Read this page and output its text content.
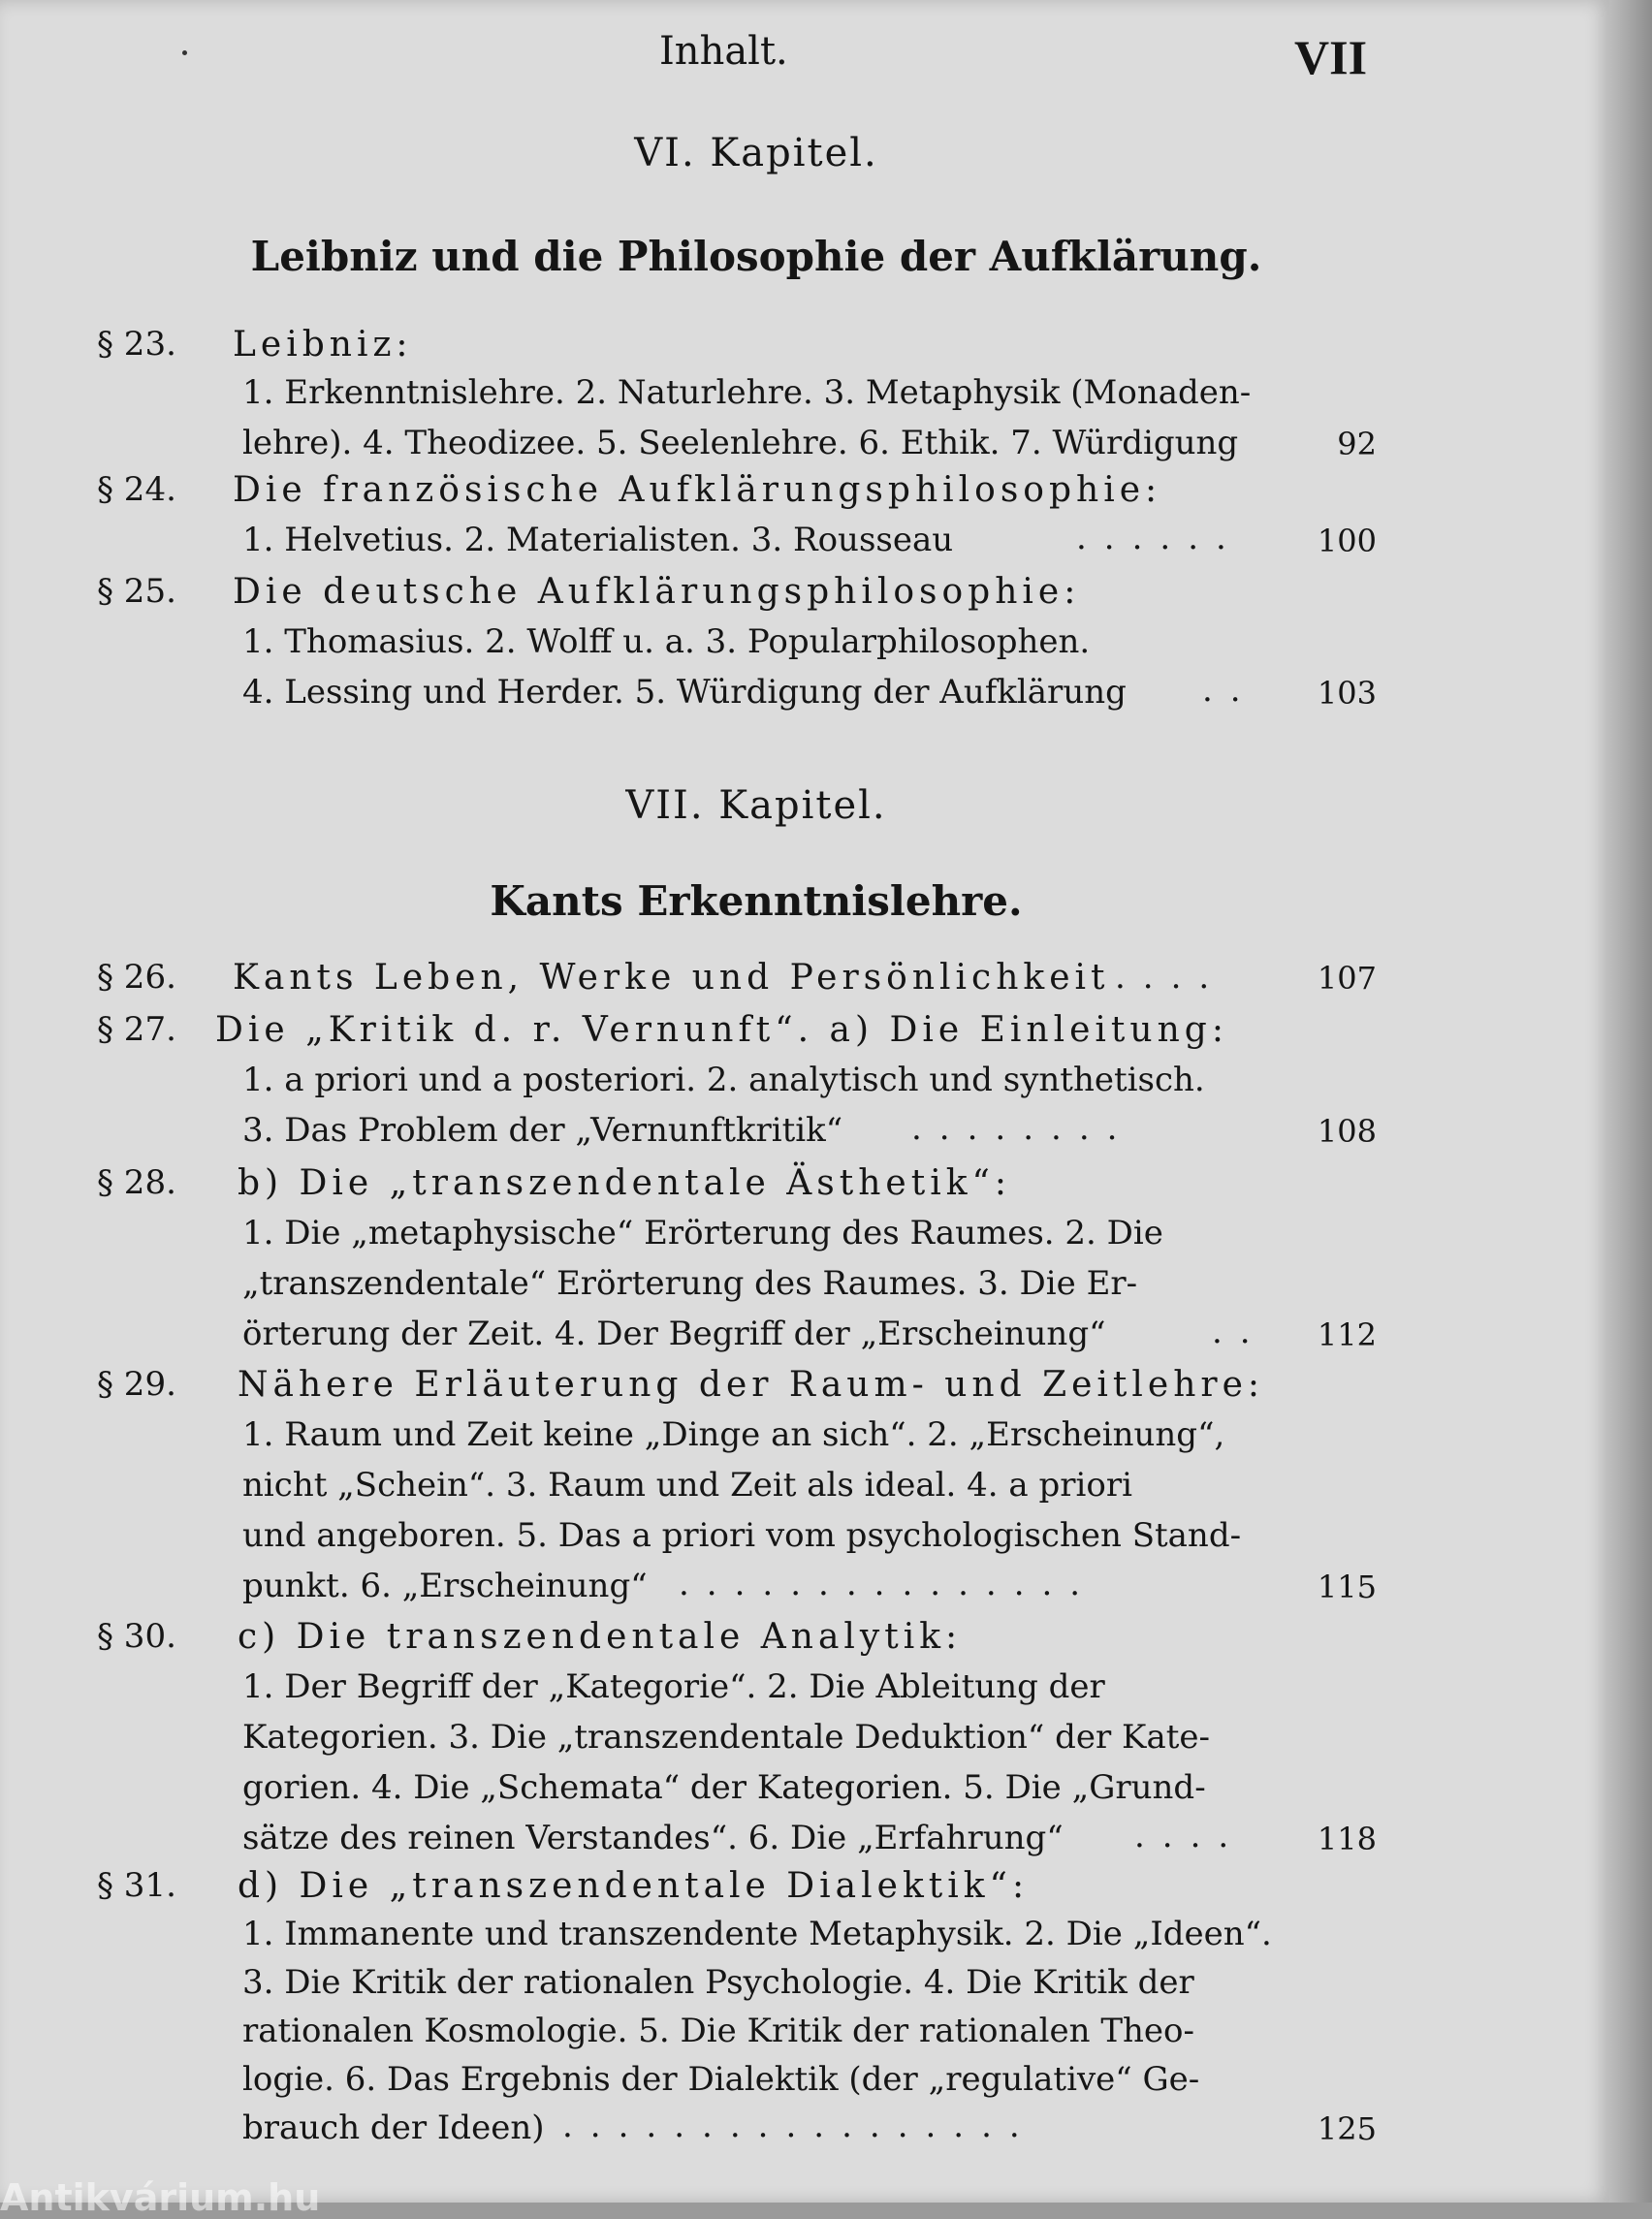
Inhalt.	VII
VI. Kapitel.
Leibniz und die Philosophie der Aufklärung.
§ 23. Leibniz:
1. Erkenntnislehre. 2. Naturlehre. 3. Metaphysik (Monaden-
lehre). 4. Theodizee. 5. Seelenlehre. 6. Ethik. 7. Würdigung	92
§ 24. Die französische Aufklärungsphilosophie:
1. Helvetius. 2. Materialisten. 3. Rousseau	......	100
§ 25. Die deutsche Aufklärungsphilosophie:
1. Thomasius. 2. Wolff u. a. 3. Popularphilosophen.
4. Lessing und Herder. 5. Würdigung der Aufklärung ..	103
VII. Kapitel.
Kants Erkenntnislehre.
§ 26. Kants Leben, Werke und Persönlichkeit ....	107
§ 27. Die „Kritik d. r. Vernunft“. a) Die Einleitung:
1. a priori und a posteriori. 2. analytisch und synthetisch.
3. Das Problem der „Vernunftkritik“ ........	108
§ 28. b) Die „transzendentale Ästhetik“:
1. Die „metaphysische“ Erörterung des Raumes. 2. Die
„transzendentale“ Erörterung des Raumes. 3. Die Er-
örterung der Zeit. 4. Der Begriff der „Erscheinung“	..	112
§ 29. Nähere Erläuterung der Raum- und Zeitlehre:
1. Raum und Zeit keine „Dinge an sich“. 2. „Erscheinung“,
nicht „Schein“. 3. Raum und Zeit als ideal. 4. a priori
und angeboren. 5. Das a priori vom psychologischen Stand-
punkt. 6. „Erscheinung“ ...............	115
§ 30. c) Die transzendentale Analytik:
1. Der Begriff der „Kategorie“. 2. Die Ableitung der
Kategorien. 3. Die „transzendentale Deduktion“ der Kate-
gorien. 4. Die „Schemata“ der Kategorien. 5. Die „Grund-
sätze des reinen Verstandes“. 6. Die „Erfahrung“ ....	118
§ 31. d) Die „transzendentale Dialektik“:
1. Immanente und transzendente Metaphysik. 2. Die „Ideen“.
3. Die Kritik der rationalen Psychologie. 4. Die Kritik der
rationalen Kosmologie. 5. Die Kritik der rationalen Theo-
logie. 6. Das Ergebnis der Dialektik (der „regulative“ Ge-
brauch der Ideen) .................	125
Antikvárium.hu
